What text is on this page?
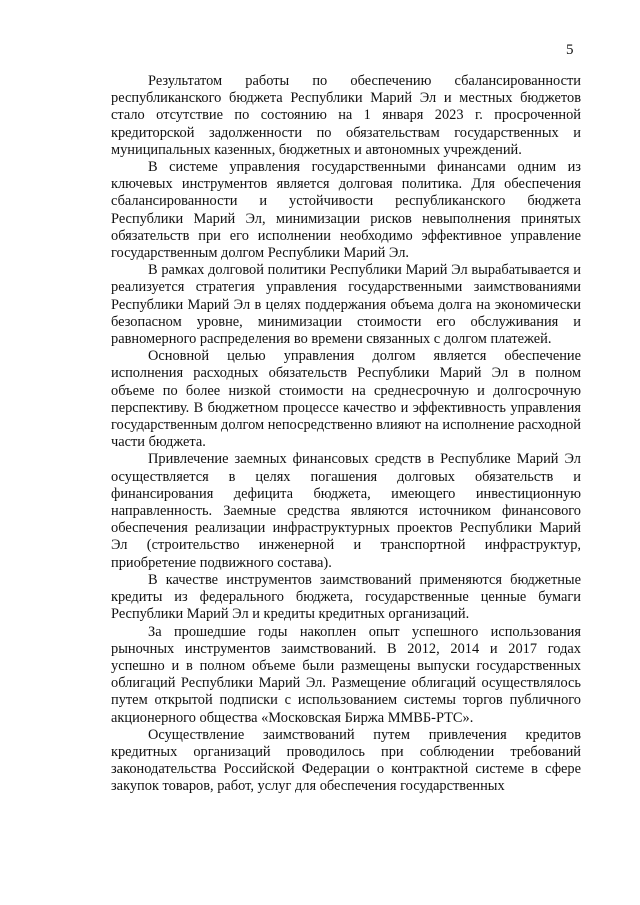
5

Результатом работы по обеспечению сбалансированности республиканского бюджета Республики Марий Эл и местных бюджетов стало отсутствие по состоянию на 1 января 2023 г. просроченной кредиторской задолженности по обязательствам государственных и муниципальных казенных, бюджетных и автономных учреждений.

В системе управления государственными финансами одним из ключевых инструментов является долговая политика. Для обеспечения сбалансированности и устойчивости республиканского бюджета Республики Марий Эл, минимизации рисков невыполнения принятых обязательств при его исполнении необходимо эффективное управление государственным долгом Республики Марий Эл.

В рамках долговой политики Республики Марий Эл вырабатывается и реализуется стратегия управления государственными заимствованиями Республики Марий Эл в целях поддержания объема долга на экономически безопасном уровне, минимизации стоимости его обслуживания и равномерного распределения во времени связанных с долгом платежей.

Основной целью управления долгом является обеспечение исполнения расходных обязательств Республики Марий Эл в полном объеме по более низкой стоимости на среднесрочную и долгосрочную перспективу. В бюджетном процессе качество и эффективность управления государственным долгом непосредственно влияют на исполнение расходной части бюджета.

Привлечение заемных финансовых средств в Республике Марий Эл осуществляется в целях погашения долговых обязательств и финансирования дефицита бюджета, имеющего инвестиционную направленность. Заемные средства являются источником финансового обеспечения реализации инфраструктурных проектов Республики Марий Эл (строительство инженерной и транспортной инфраструктур, приобретение подвижного состава).

В качестве инструментов заимствований применяются бюджетные кредиты из федерального бюджета, государственные ценные бумаги Республики Марий Эл и кредиты кредитных организаций.

За прошедшие годы накоплен опыт успешного использования рыночных инструментов заимствований. В 2012, 2014 и 2017 годах успешно и в полном объеме были размещены выпуски государственных облигаций Республики Марий Эл. Размещение облигаций осуществлялось путем открытой подписки с использованием системы торгов публичного акционерного общества «Московская Биржа ММВБ-РТС».

Осуществление заимствований путем привлечения кредитов кредитных организаций проводилось при соблюдении требований законодательства Российской Федерации о контрактной системе в сфере закупок товаров, работ, услуг для обеспечения государственных
